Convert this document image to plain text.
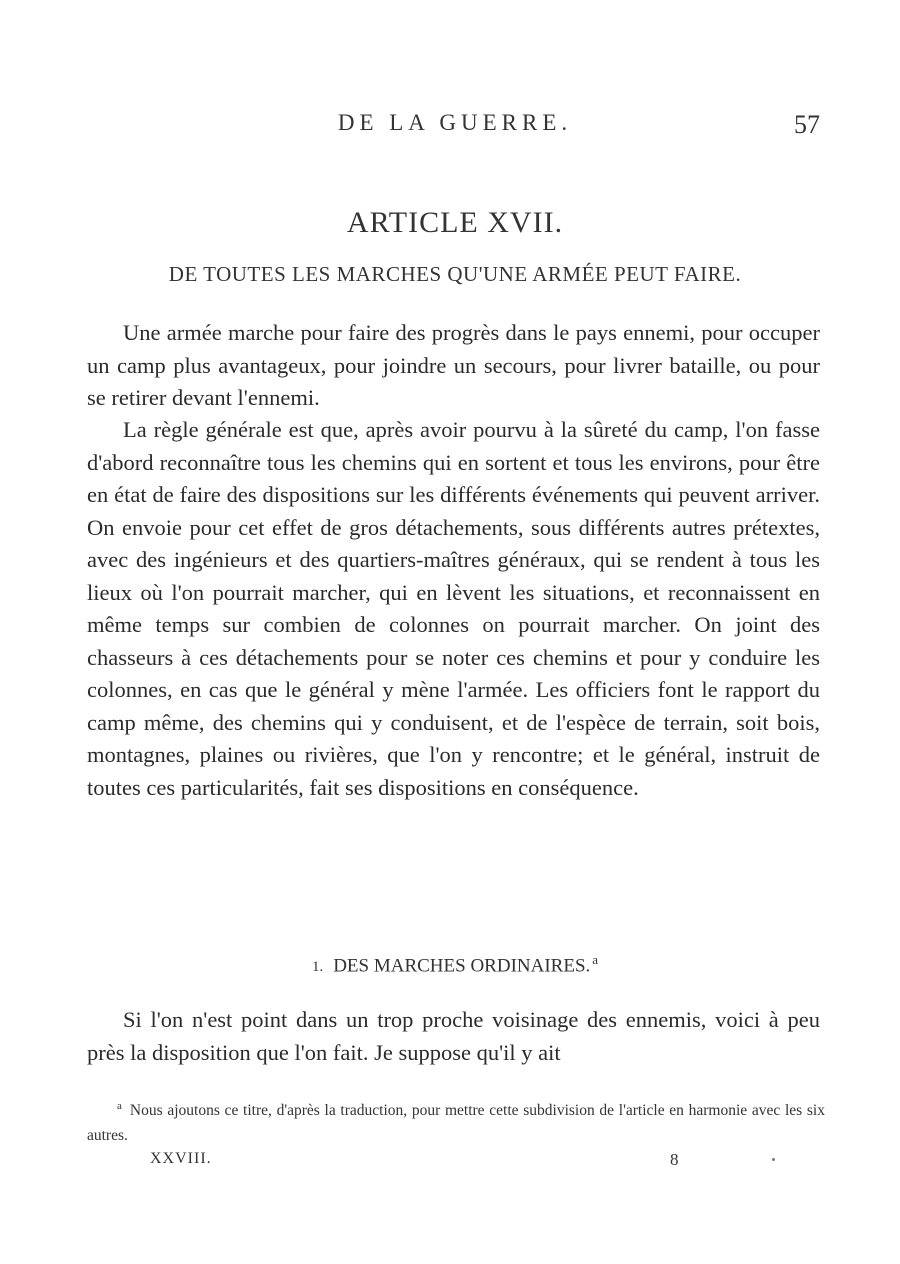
DE LA GUERRE.	57
ARTICLE XVII.
DE TOUTES LES MARCHES QU'UNE ARMÉE PEUT FAIRE.

Une armée marche pour faire des progrès dans le pays ennemi, pour occuper un camp plus avantageux, pour joindre un secours, pour livrer bataille, ou pour se retirer devant l'ennemi.

La règle générale est que, après avoir pourvu à la sûreté du camp, l'on fasse d'abord reconnaître tous les chemins qui en sortent et tous les environs, pour être en état de faire des dispositions sur les différents événements qui peuvent arriver. On envoie pour cet effet de gros détachements, sous différents autres prétextes, avec des ingénieurs et des quartiers-maîtres généraux, qui se rendent à tous les lieux où l'on pourrait marcher, qui en lèvent les situations, et reconnaissent en même temps sur combien de colonnes on pourrait marcher. On joint des chasseurs à ces détachements pour se noter ces chemins et pour y conduire les colonnes, en cas que le général y mène l'armée. Les officiers font le rapport du camp même, des chemins qui y conduisent, et de l'espèce de terrain, soit bois, montagnes, plaines ou rivières, que l'on y rencontre; et le général, instruit de toutes ces particularités, fait ses dispositions en conséquence.

1. DES MARCHES ORDINAIRES. $^a$

Si l'on n'est point dans un trop proche voisinage des ennemis, voici à peu près la disposition que l'on fait. Je suppose qu'il y ait

$^a$ Nous ajoutons ce titre, d'après la traduction, pour mettre cette subdivision de l'article en harmonie avec les six autres.
XXVIII.	8
